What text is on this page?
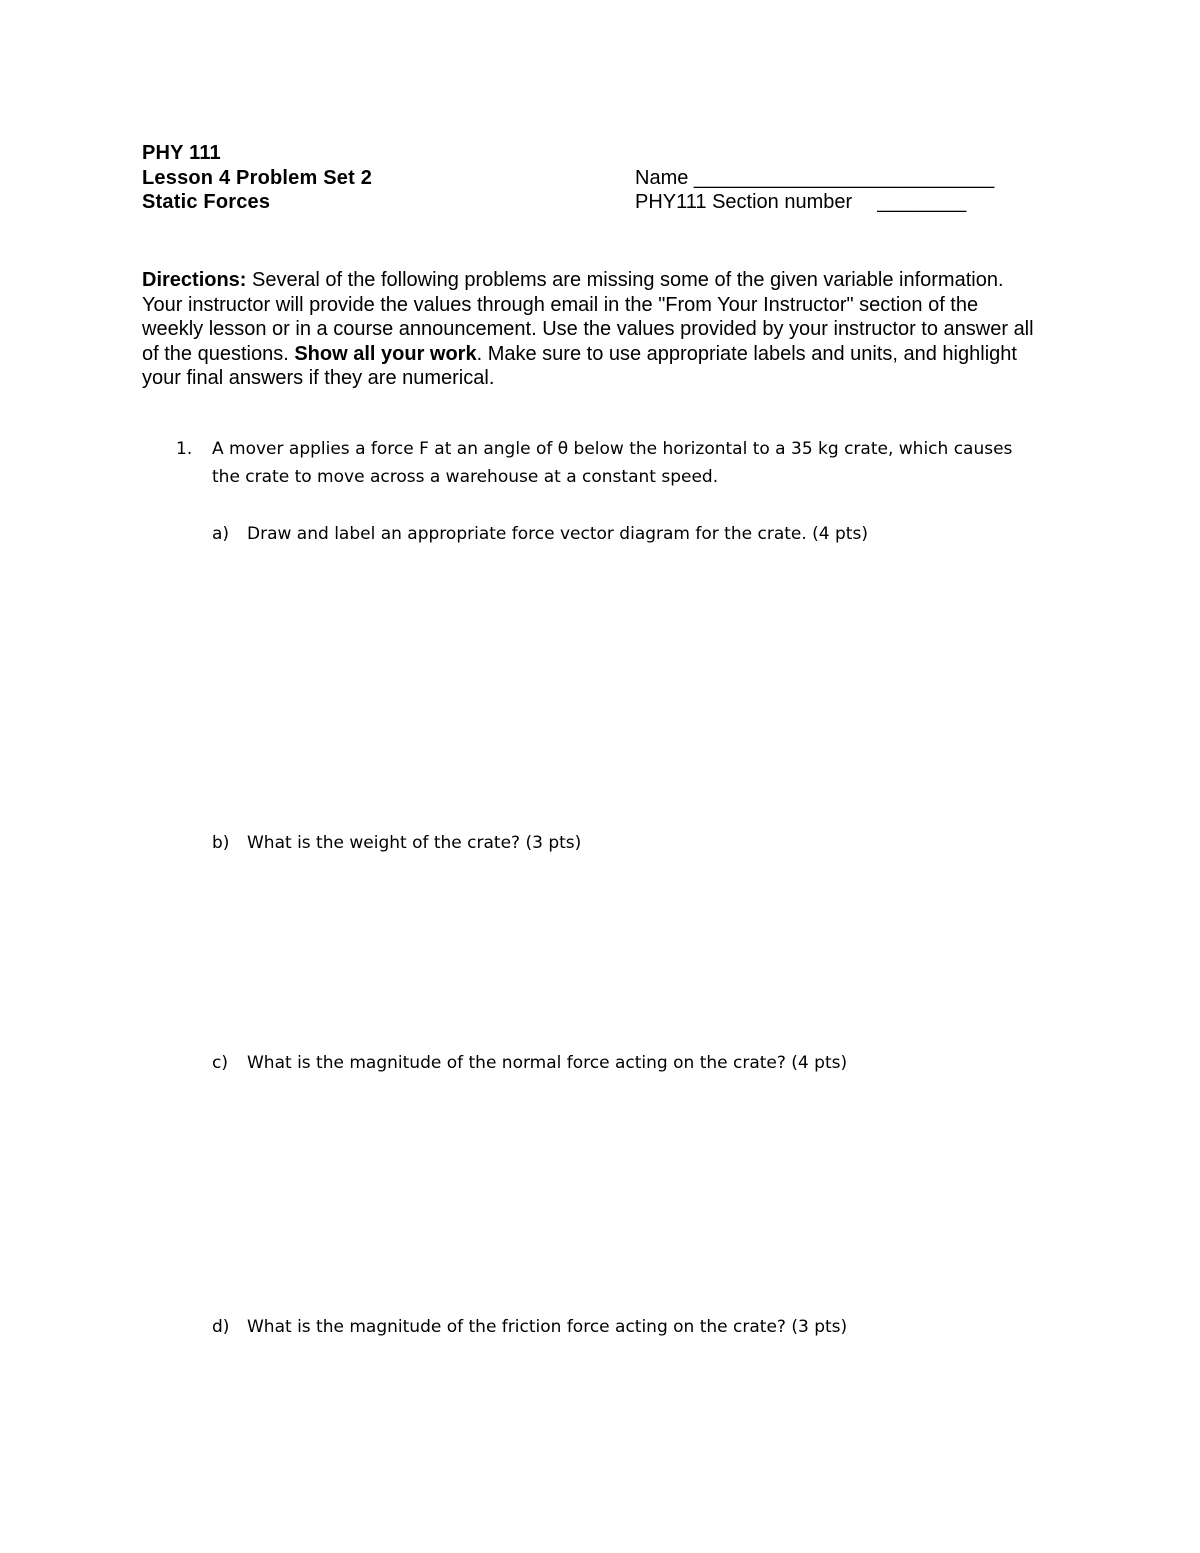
PHY 111
Lesson 4 Problem Set 2
Static Forces
Name ___________________________
PHY111 Section number ________
Directions: Several of the following problems are missing some of the given variable information. Your instructor will provide the values through email in the "From Your Instructor" section of the weekly lesson or in a course announcement. Use the values provided by your instructor to answer all of the questions. Show all your work. Make sure to use appropriate labels and units, and highlight your final answers if they are numerical.
1. A mover applies a force F at an angle of θ below the horizontal to a 35 kg crate, which causes
the crate to move across a warehouse at a constant speed.
a) Draw and label an appropriate force vector diagram for the crate. (4 pts)
b) What is the weight of the crate? (3 pts)
c) What is the magnitude of the normal force acting on the crate? (4 pts)
d) What is the magnitude of the friction force acting on the crate? (3 pts)
